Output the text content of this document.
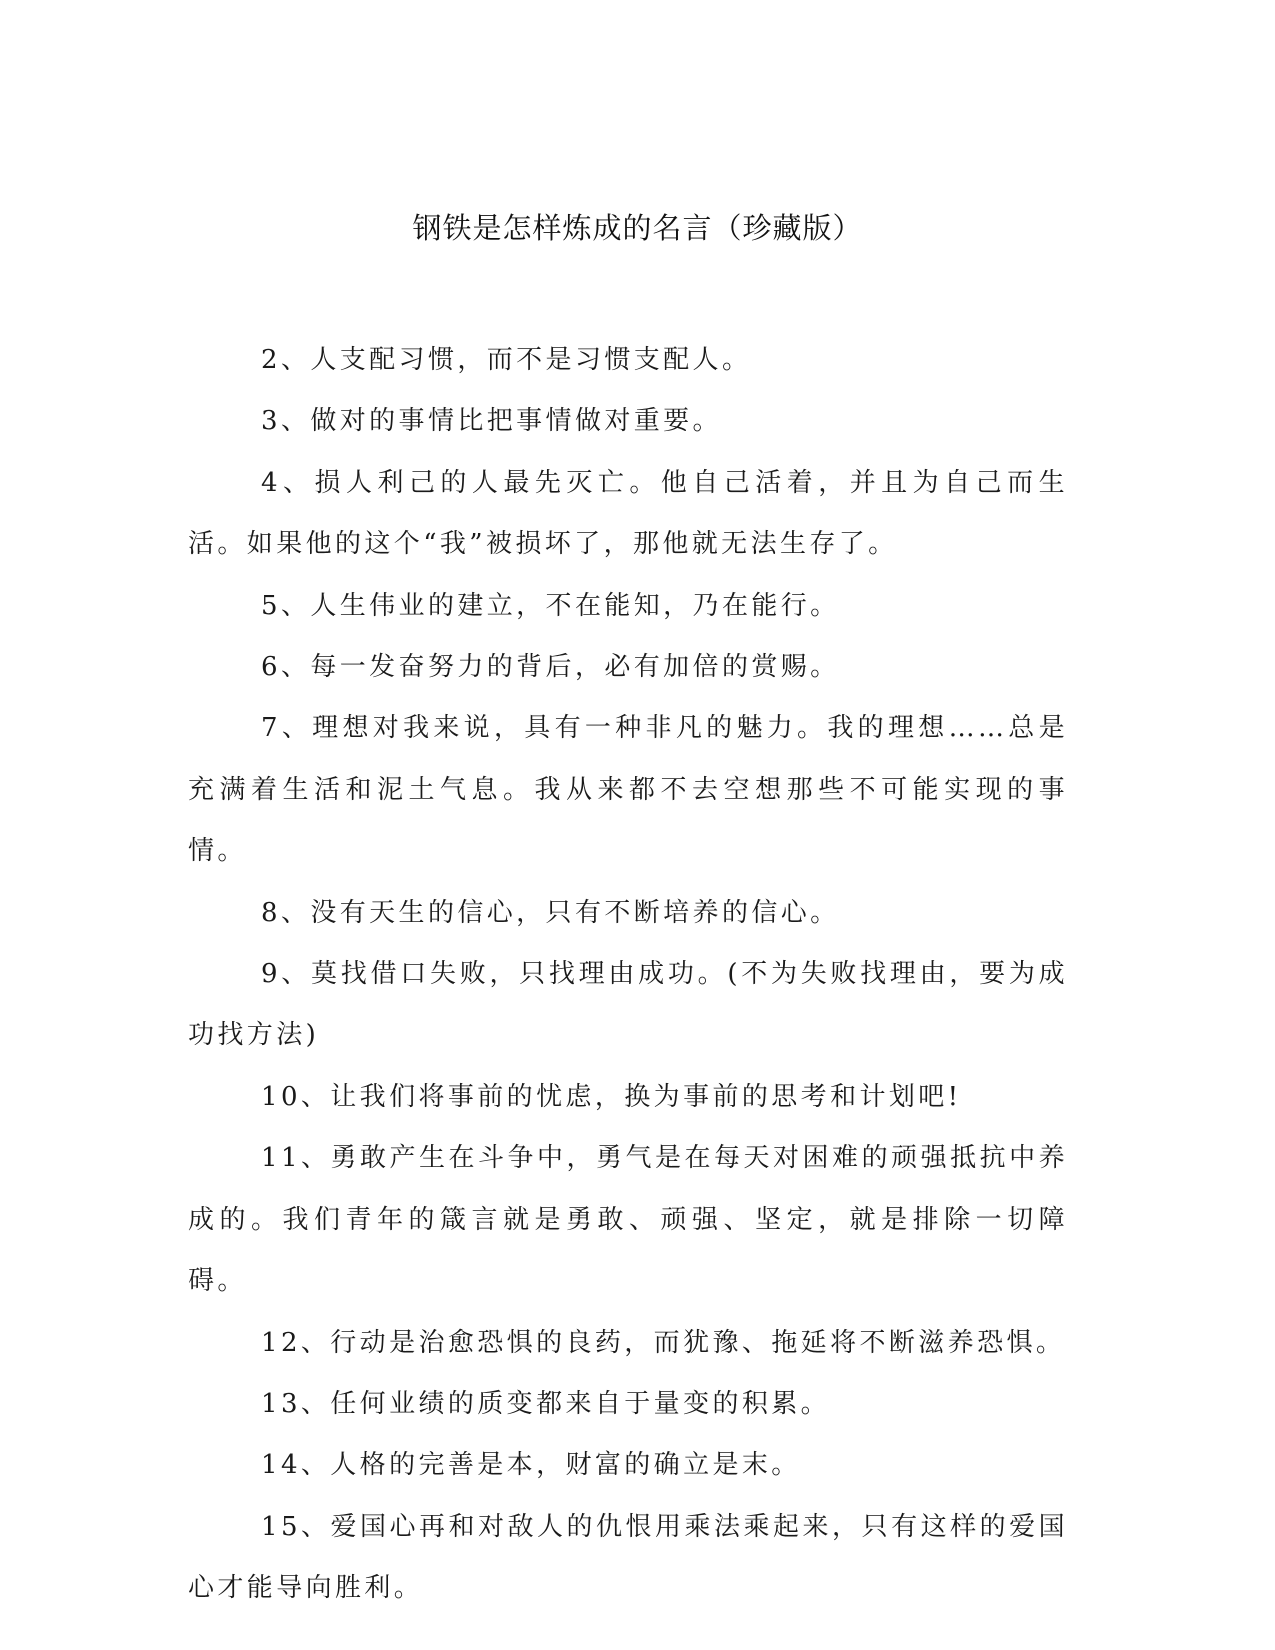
钢铁是怎样炼成的名言（珍藏版）

2、人支配习惯，而不是习惯支配人。

3、做对的事情比把事情做对重要。

4、损人利己的人最先灭亡。他自己活着，并且为自己而生活。如果他的这个“我”被损坏了，那他就无法生存了。

5、人生伟业的建立，不在能知，乃在能行。

6、每一发奋努力的背后，必有加倍的赏赐。

7、理想对我来说，具有一种非凡的魅力。我的理想……总是充满着生活和泥土气息。我从来都不去空想那些不可能实现的事情。

8、没有天生的信心，只有不断培养的信心。

9、莫找借口失败，只找理由成功。(不为失败找理由，要为成功找方法)

10、让我们将事前的忧虑，换为事前的思考和计划吧!

11、勇敢产生在斗争中，勇气是在每天对困难的顽强抵抗中养成的。我们青年的箴言就是勇敢、顽强、坚定，就是排除一切障碍。

12、行动是治愈恐惧的良药，而犹豫、拖延将不断滋养恐惧。

13、任何业绩的质变都来自于量变的积累。

14、人格的完善是本，财富的确立是末。

15、爱国心再和对敌人的仇恨用乘法乘起来，只有这样的爱国心才能导向胜利。
